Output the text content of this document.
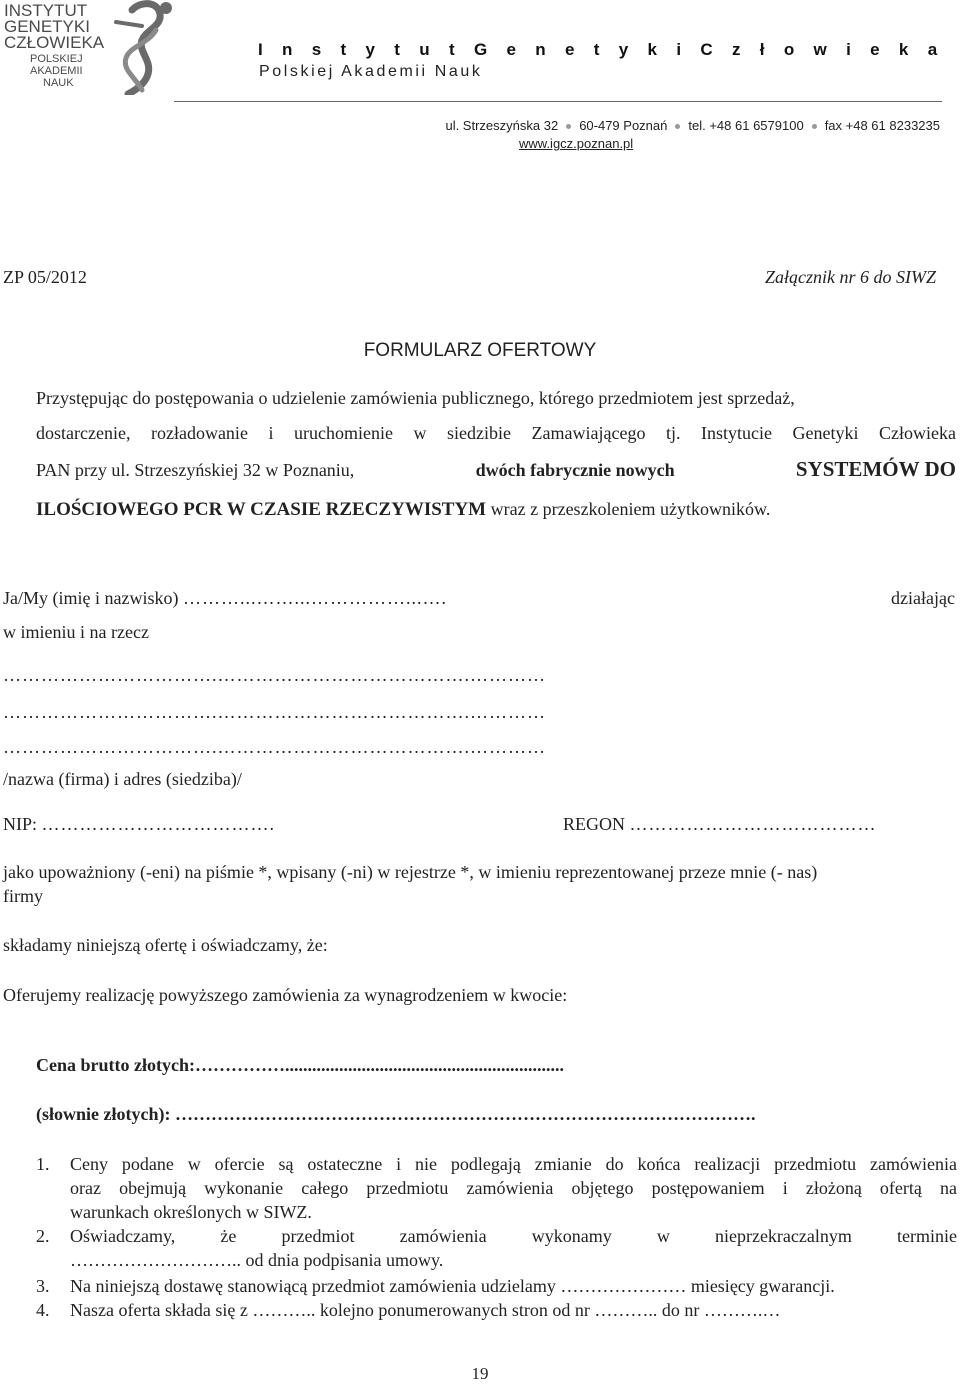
INSTYTUT
GENETYKI
CZŁOWIEKA
POLSKIEJ
AKADEMII
NAUK
I n s t y t u t G e n e t y k i C z ł o w i e k a
Polskiej Akademii Nauk
ul. Strzeszyńska 32 60-479 Poznań tel. +48 61 6579100 fax +48 61 8233235
www.igcz.poznan.pl
ZP 05/2012	Załącznik nr 6 do SIWZ
FORMULARZ OFERTOWY
Przystępując do postępowania o udzielenie zamówienia publicznego, którego przedmiotem jest sprzedaż,
dostarczenie, rozładowanie i uruchomienie w siedzibie Zamawiającego tj. Instytucie Genetyki Człowieka
PAN przy ul. Strzeszyńskiej 32 w Poznaniu,	dwóch fabrycznie nowych	SYSTEMÓW DO
ILOŚCIOWEGO PCR W CZASIE RZECZYWISTYM wraz z przeszkoleniem użytkowników.
Ja/My (imię i nazwisko) ………...……...……………...….	działając
w imieniu i na rzecz
…………………………….………………………………….…………
…………………………….………………………………….…………
…………………………….………………………………….…………
/nazwa (firma) i adres (siedziba)/
NIP: ……………………………….	REGON …………………………………
jako upoważniony (-eni) na piśmie *, wpisany (-ni) w rejestrze *, w imieniu reprezentowanej przeze mnie (- nas)
firmy
składamy niniejszą ofertę i oświadczamy, że:
Oferujemy realizację powyższego zamówienia za wynagrodzeniem w kwocie:
Cena brutto złotych:……………..............................................................
(słownie złotych): …………………………………………………………………………………….
1. Ceny podane w ofercie są ostateczne i nie podlegają zmianie do końca realizacji przedmiotu zamówienia
oraz obejmują wykonanie całego przedmiotu zamówienia objętego postępowaniem i złożoną ofertą na
warunkach określonych w SIWZ.
2. Oświadczamy, że przedmiot zamówienia wykonamy w nieprzekraczalnym terminie
……………………….. od dnia podpisania umowy.
3. Na niniejszą dostawę stanowiącą przedmiot zamówienia udzielamy ………………… miesięcy gwarancji.
4. Nasza oferta składa się z ……….. kolejno ponumerowanych stron od nr ……….. do nr ……….…
19
